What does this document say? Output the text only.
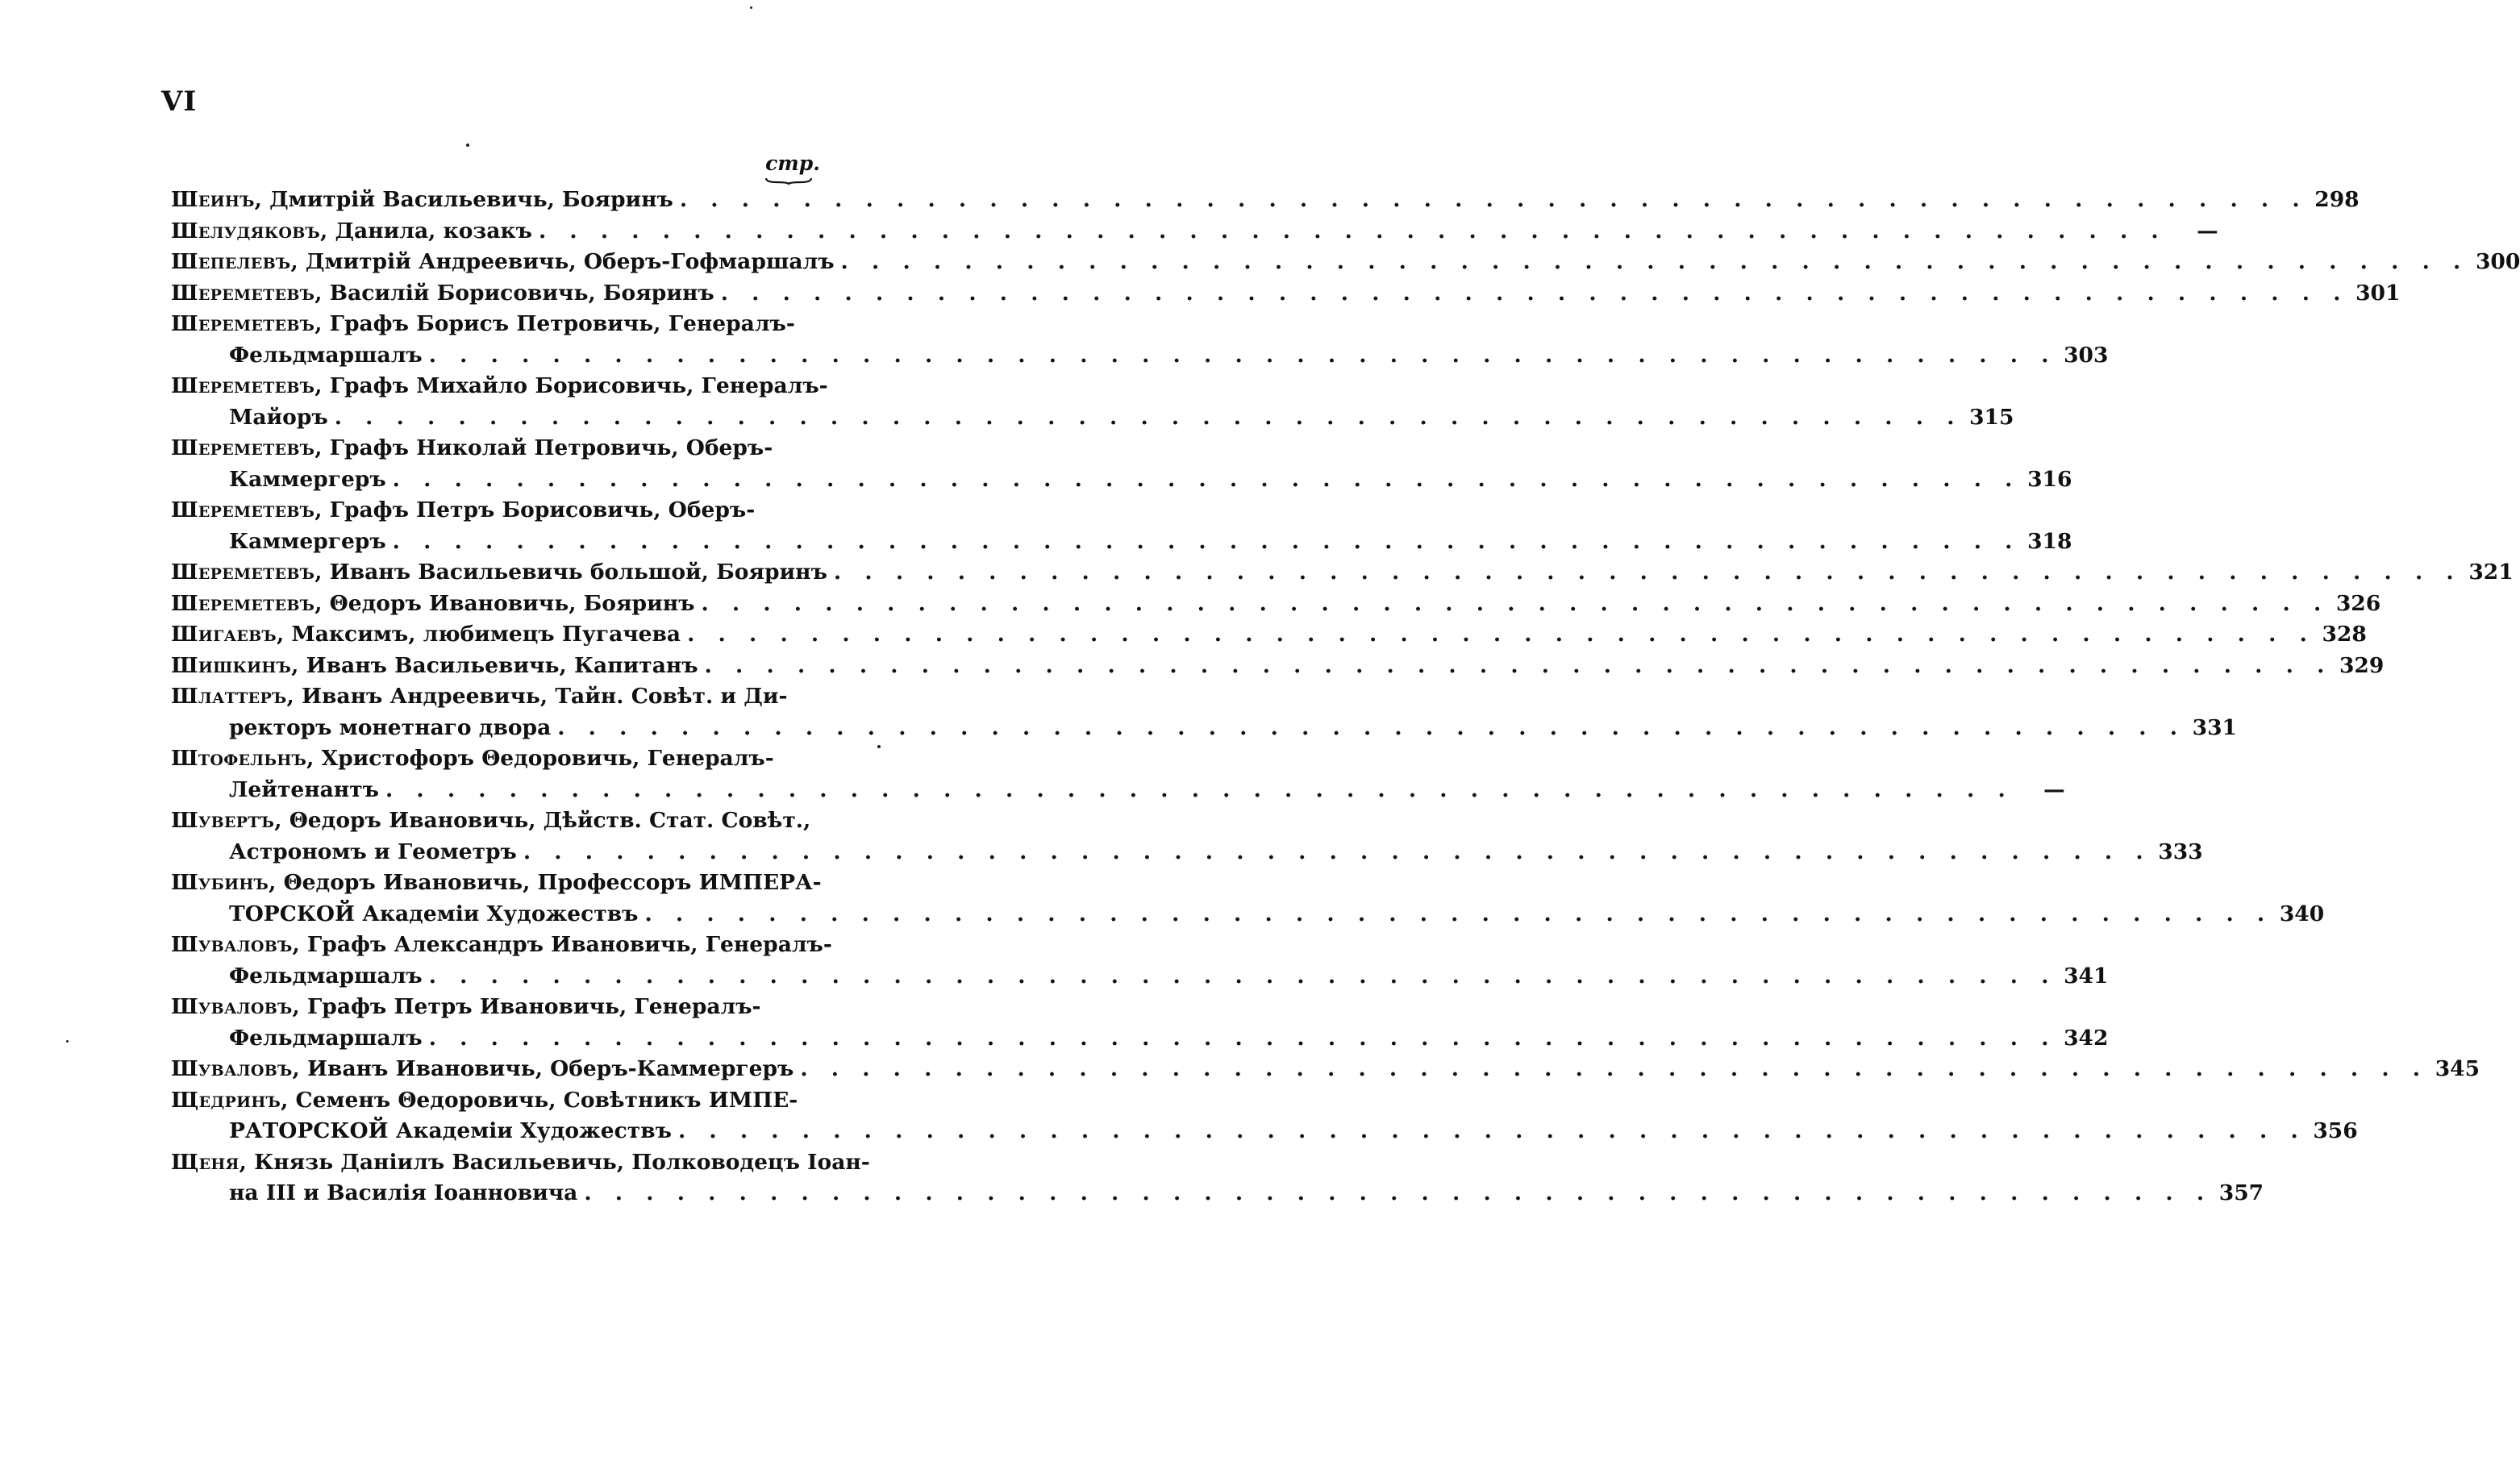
VI
стр.
Шеинъ, Дмитрій Васильевичь, Бояринъ . . .	298
Шелудяковъ, Данила, козакъ . . .	—
Шепелевъ, Дмитрій Андреевичь, Оберъ-Гофмаршалъ . . .	300
Шереметевъ, Василій Борисовичь, Бояринъ . . .	301
Шереметевъ, Графъ Борисъ Петровичь, Генералъ-
Фельдмаршалъ . . .	303
Шереметевъ, Графъ Михайло Борисовичь, Генералъ-
Майоръ . . .	315
Шереметевъ, Графъ Николай Петровичь, Оберъ-
Каммергеръ . . .	316
Шереметевъ, Графъ Петръ Борисовичь, Оберъ-
Каммергеръ . . .	318
Шереметевъ, Иванъ Васильевичь большой, Бояринъ . . .	321
Шереметевъ, Θедоръ Ивановичь, Бояринъ . . .	326
Шигаевъ, Максимъ, любимецъ Пугачева . . .	328
Шишкинъ, Иванъ Васильевичь, Капитанъ . . .	329
Шлаттеръ, Иванъ Андреевичь, Тайн. Совѣт. и Ди-
ректоръ монетнаго двора . . .	331
Штофельнъ, Христофоръ Θедоровичь, Генералъ-
Лейтенантъ . . .	—
Шувертъ, Θедоръ Ивановичь, Дѣйств. Стат. Совѣт.,
Астрономъ и Геометръ . . .	333
Шубинъ, Θедоръ Ивановичь, Профессоръ ИМПЕРА-
ТОРСКОЙ Академіи Художествъ . . .	340
Шуваловъ, Графъ Александръ Ивановичь, Генералъ-
Фельдмаршалъ . . .	341
Шуваловъ, Графъ Петръ Ивановичь, Генералъ-
Фельдмаршалъ . . .	342
Шуваловъ, Иванъ Ивановичь, Оберъ-Каммергеръ . . .	345
Щедринъ, Семенъ Θедоровичь, Совѣтникъ ИМПЕ-
РАТОРСКОЙ Академіи Художествъ . . .	356
Щеня, Князь Даніилъ Васильевичь, Полководецъ Іоан-
на III и Василія Іоанновича . . .	357
